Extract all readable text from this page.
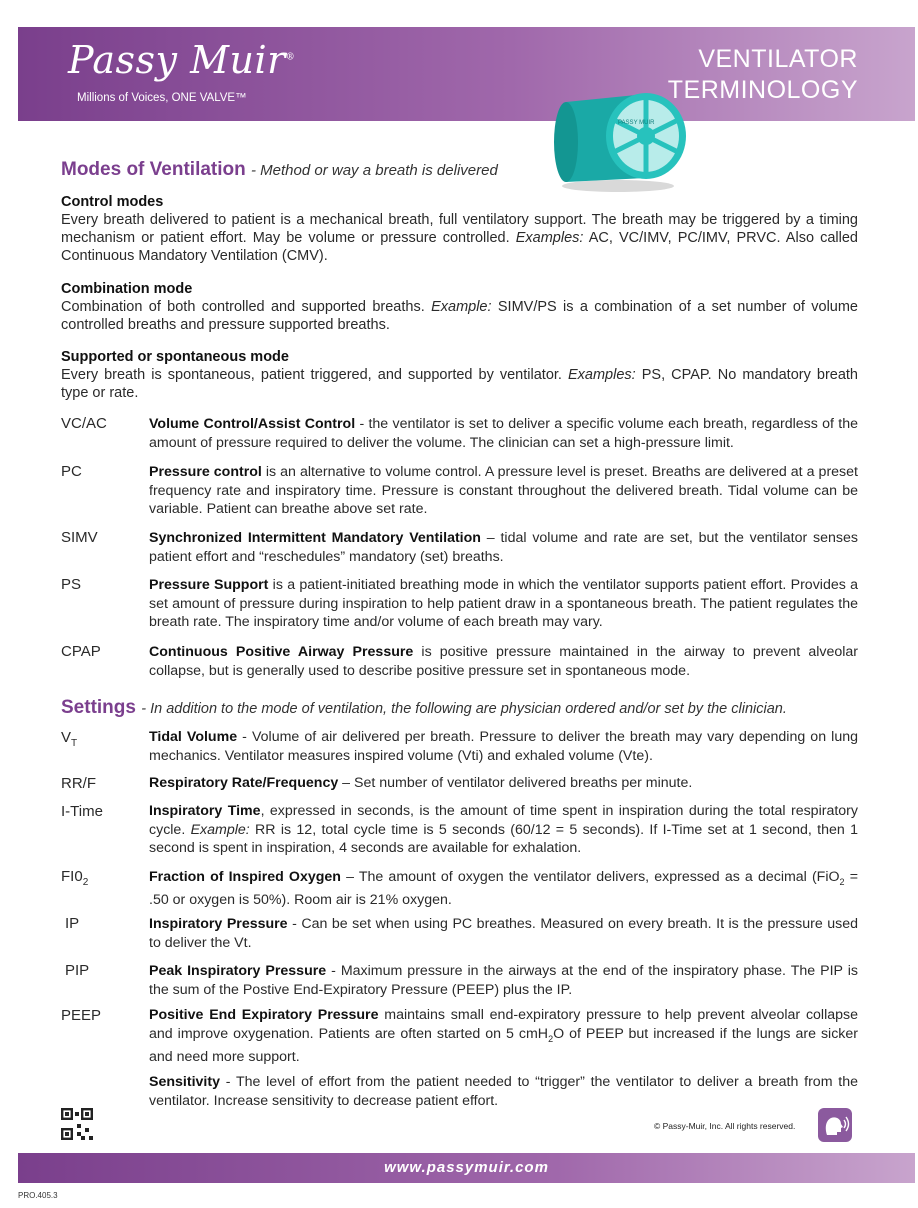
Passy Muir®
Millions of Voices, ONE VALVE™
VENTILATOR
TERMINOLOGY
PASSY MUIR
Modes of Ventilation - Method or way a breath is delivered
Control modes
Every breath delivered to patient is a mechanical breath, full ventilatory support. The breath may be triggered by a timing mechanism or patient effort. May be volume or pressure controlled. Examples: AC, VC/IMV, PC/IMV, PRVC. Also called Continuous Mandatory Ventilation (CMV).
Combination mode
Combination of both controlled and supported breaths. Example: SIMV/PS is a combination of a set number of volume controlled breaths and pressure supported breaths.
Supported or spontaneous mode
Every breath is spontaneous, patient triggered, and supported by ventilator. Examples: PS, CPAP. No mandatory breath type or rate.
VC/AC	Volume Control/Assist Control - the ventilator is set to deliver a specific volume each breath, regardless of the amount of pressure required to deliver the volume. The clinician can set a high-pressure limit.
PC	Pressure control is an alternative to volume control. A pressure level is preset. Breaths are delivered at a preset frequency rate and inspiratory time. Pressure is constant throughout the delivered breath. Tidal volume can be variable. Patient can breathe above set rate.
SIMV	Synchronized Intermittent Mandatory Ventilation – tidal volume and rate are set, but the ventilator senses patient effort and “reschedules” mandatory (set) breaths.
PS	Pressure Support is a patient-initiated breathing mode in which the ventilator supports patient effort. Provides a set amount of pressure during inspiration to help patient draw in a spontaneous breath. The patient regulates the breath rate. The inspiratory time and/or volume of each breath may vary.
CPAP	Continuous Positive Airway Pressure is positive pressure maintained in the airway to prevent alveolar collapse, but is generally used to describe positive pressure set in spontaneous mode.
Settings - In addition to the mode of ventilation, the following are physician ordered and/or set by the clinician.
$V_T$	Tidal Volume - Volume of air delivered per breath. Pressure to deliver the breath may vary depending on lung mechanics. Ventilator measures inspired volume (Vti) and exhaled volume (Vte).
RR/F	Respiratory Rate/Frequency – Set number of ventilator delivered breaths per minute.
I-Time	Inspiratory Time, expressed in seconds, is the amount of time spent in inspiration during the total respiratory cycle. Example: RR is 12, total cycle time is 5 seconds (60/12 = 5 seconds). If I-Time set at 1 second, then 1 second is spent in inspiration, 4 seconds are available for exhalation.
$FI0_2$	Fraction of Inspired Oxygen – The amount of oxygen the ventilator delivers, expressed as a decimal (FiO$_2$ = .50 or oxygen is 50%). Room air is 21% oxygen.
IP	Inspiratory Pressure - Can be set when using PC breathes. Measured on every breath. It is the pressure used to deliver the Vt.
PIP	Peak Inspiratory Pressure - Maximum pressure in the airways at the end of the inspiratory phase. The PIP is the sum of the Postive End-Expiratory Pressure (PEEP) plus the IP.
PEEP	Positive End Expiratory Pressure maintains small end-expiratory pressure to help prevent alveolar collapse and improve oxygenation. Patients are often started on 5 cmH$_2$O of PEEP but increased if the lungs are sicker and need more support.
Sensitivity - The level of effort from the patient needed to “trigger” the ventilator to deliver a breath from the ventilator. Increase sensitivity to decrease patient effort.
© Passy-Muir, Inc. All rights reserved.
www.passymuir.com
PRO.405.3
